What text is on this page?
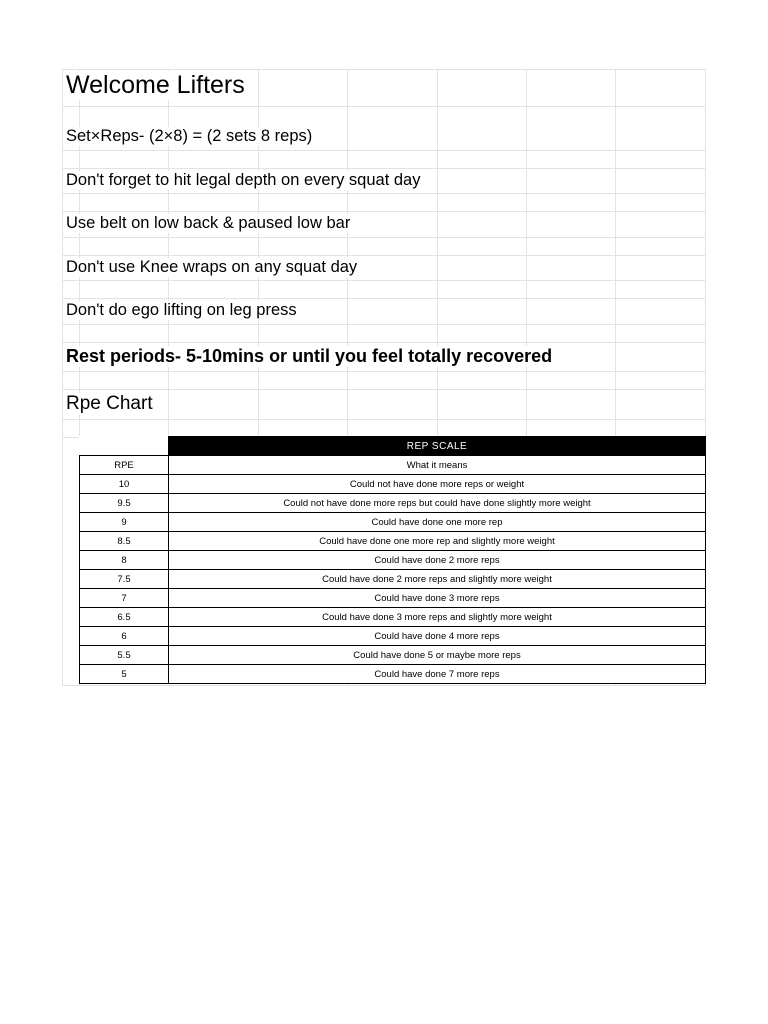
Welcome Lifters
Set×Reps- (2×8) = (2 sets 8 reps)
Don't forget to hit legal depth on every squat day
Use belt on low back & paused low bar
Don't use Knee wraps on any squat day
Don't do ego lifting on leg press
Rest periods- 5-10mins or until you feel totally recovered
Rpe Chart
	REP SCALE
RPE	What it means
10	Could not have done more reps or weight
9.5	Could not have done more reps but could have done slightly more weight
9	Could have done one more rep
8.5	Could have done one more rep and slightly more weight
8	Could have done 2 more reps
7.5	Could have done 2 more reps and slightly more weight
7	Could have done 3 more reps
6.5	Could have done 3 more reps and slightly more weight
6	Could have done 4 more reps
5.5	Could have done 5 or maybe more reps
5	Could have done 7 more reps
